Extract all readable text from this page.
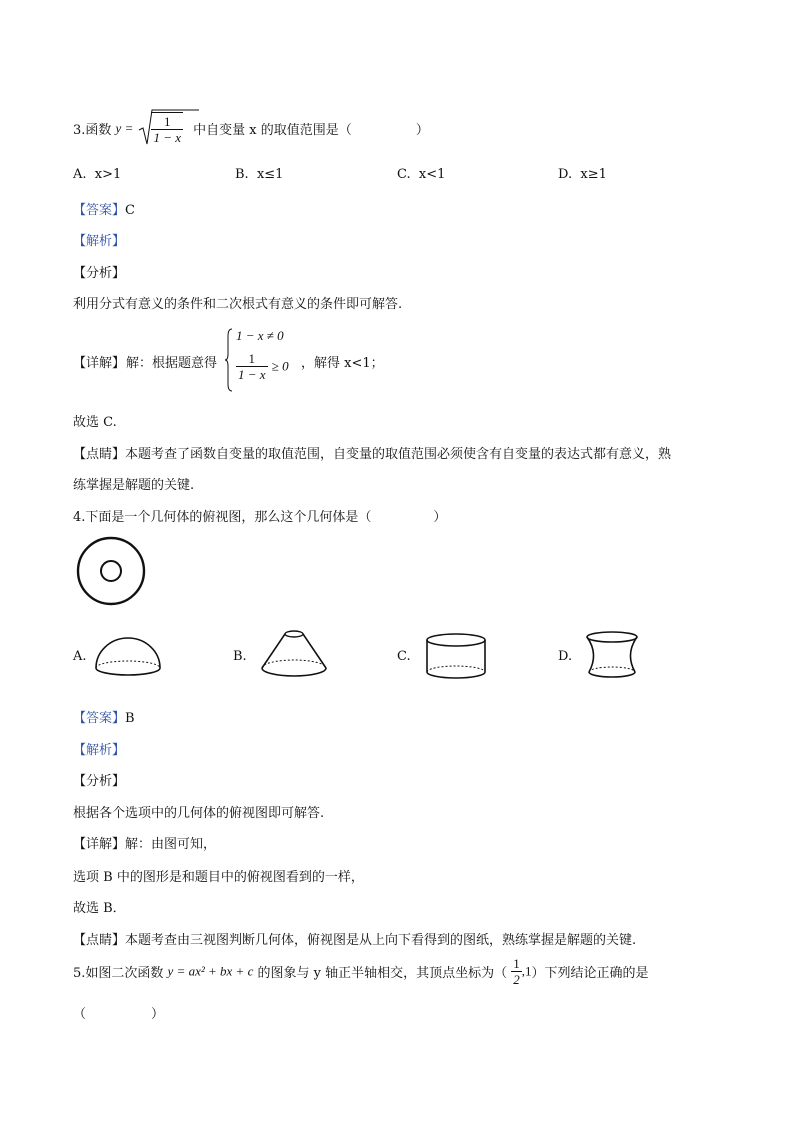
3.函数 $y = \frac{1}{1 - x}$ 中自变量 x 的取值范围是（	）
A. x>1	B. x≤1	C. x<1	D. x≥1
【答案】C
【解析】
【分析】
利用分式有意义的条件和二次根式有意义的条件即可解答.
【详解】 解：根据题意得
1 − x ≠ 0
$\frac{1}{1 - x} \ge 0$ ，解得 x<1；
故选 C.
【点睛】本题考查了函数自变量的取值范围，自变量的取值范围必须使含有自变量的表达式都有意义，熟
练掌握是解题的关键.
4.下面是一个几何体的俯视图，那么这个几何体是（	）
A.	B.	C.	D.
【答案】B
【解析】
【分析】
根据各个选项中的几何体的俯视图即可解答.
【详解】解：由图可知，
选项 B 中的图形是和题目中的俯视图看到的一样，
故选 B．
【点睛】本题考查由三视图判断几何体，俯视图是从上向下看得到的图纸，熟练掌握是解题的关键.
5.如图二次函数 y = ax² + bx + c 的图象与 y 轴正半轴相交，其顶点坐标为（ $\frac{1}{2} ,1$）下列结论正确的是
（　　　　　）
